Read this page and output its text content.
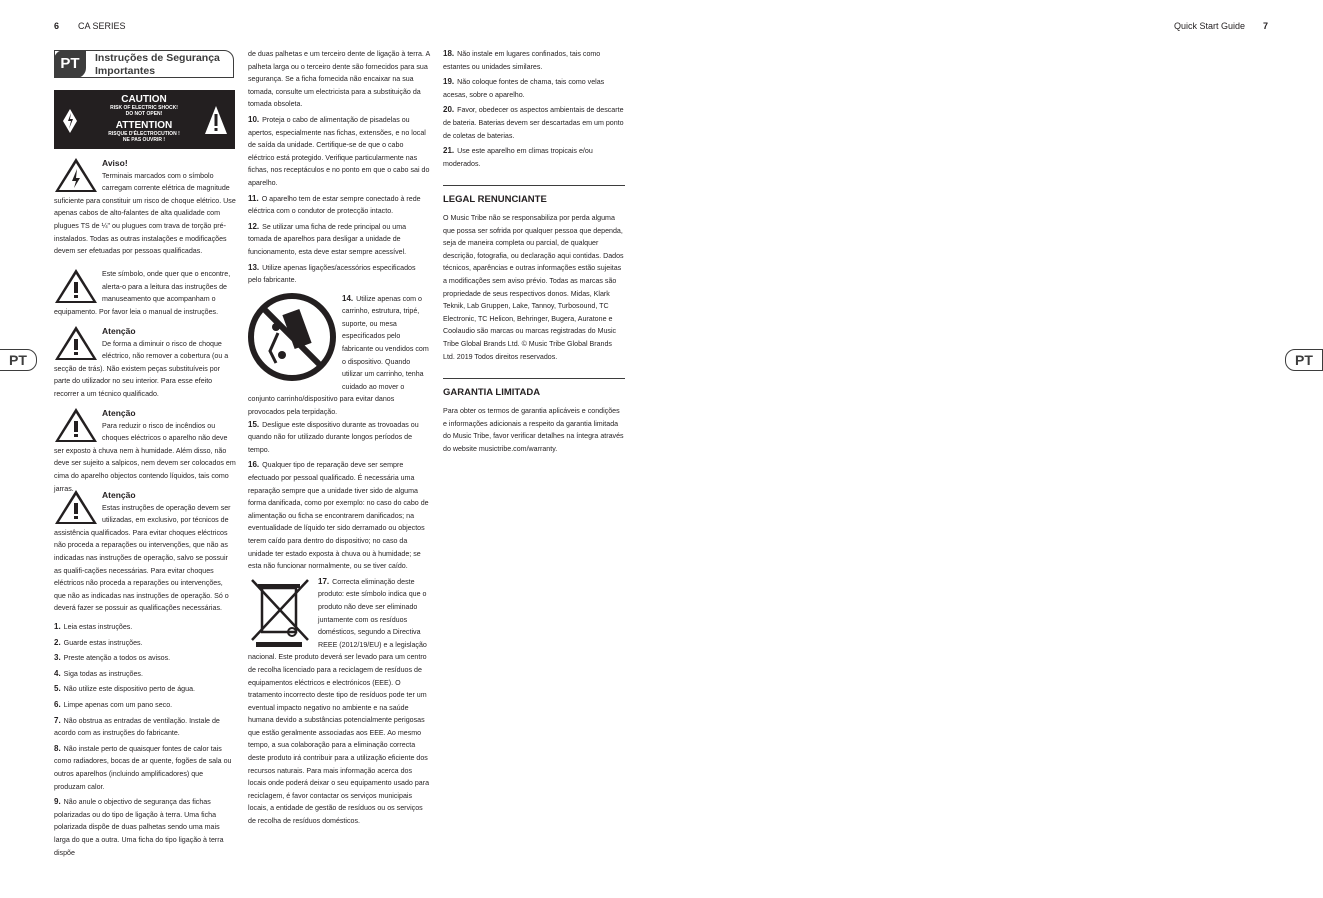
6 CA SERIES	Quick Start Guide 7
PT	PT
PT	Instruções de Segurança Importantes
CAUTION
RISK OF ELECTRIC SHOCK!
DO NOT OPEN!
ATTENTION
RISQUE D'ÉLECTROCUTION !
NE PAS OUVRIR !
Aviso!
Terminais marcados com o símbolo carregam corrente elétrica de magnitude suficiente para constituir um risco de choque elétrico. Use apenas cabos de alto-falantes de alta qualidade com plugues TS de ¼" ou plugues com trava de torção pré-instalados. Todas as outras instalações e modificações devem ser efetuadas por pessoas qualificadas.
Este símbolo, onde quer que o encontre, alerta-o para a leitura das instruções de manuseamento que acompanham o equipamento. Por favor leia o manual de instruções.
Atenção
De forma a diminuir o risco de choque eléctrico, não remover a cobertura (ou a secção de trás). Não existem peças substituíveis por parte do utilizador no seu interior. Para esse efeito recorrer a um técnico qualificado.
Atenção
Para reduzir o risco de incêndios ou choques eléctricos o aparelho não deve ser exposto à chuva nem à humidade. Além disso, não deve ser sujeito a salpicos, nem devem ser colocados em cima do aparelho objectos contendo líquidos, tais como jarras.
Atenção
Estas instruções de operação devem ser utilizadas, em exclusivo, por técnicos de assistência qualificados. Para evitar choques eléctricos não proceda a reparações ou intervenções, que não as indicadas nas instruções de operação, salvo se possuir as qualifi-cações necessárias. Para evitar choques eléctricos não proceda a reparações ou intervenções, que não as indicadas nas instruções de operação. Só o deverá fazer se possuir as qualificações necessárias.

1. Leia estas instruções.

2. Guarde estas instruções.

3. Preste atenção a todos os avisos.

4. Siga todas as instruções.

5. Não utilize este dispositivo perto de água.

6. Limpe apenas com um pano seco.

7. Não obstrua as entradas de ventilação. Instale de acordo com as instruções do fabricante.

8. Não instale perto de quaisquer fontes de calor tais como radiadores, bocas de ar quente, fogões de sala ou outros aparelhos (incluindo amplificadores) que produzam calor.

9. Não anule o objectivo de segurança das fichas polarizadas ou do tipo de ligação à terra. Uma ficha polarizada dispõe de duas palhetas sendo uma mais larga do que a outra. Uma ficha do tipo ligação à terra dispõe

de duas palhetas e um terceiro dente de ligação à terra. A palheta larga ou o terceiro dente são fornecidos para sua segurança. Se a ficha fornecida não encaixar na sua tomada, consulte um electricista para a substituição da tomada obsoleta.

10. Proteja o cabo de alimentação de pisadelas ou apertos, especialmente nas fichas, extensões, e no local de saída da unidade. Certifique-se de que o cabo eléctrico está protegido. Verifique particularmente nas fichas, nos receptáculos e no ponto em que o cabo sai do aparelho.

11. O aparelho tem de estar sempre conectado à rede eléctrica com o condutor de protecção intacto.

12. Se utilizar uma ficha de rede principal ou uma tomada de aparelhos para desligar a unidade de funcionamento, esta deve estar sempre acessível.

13. Utilize apenas ligações/acessórios especificados pelo fabricante.

14. Utilize apenas com o carrinho, estrutura, tripé, suporte, ou mesa especificados pelo fabricante ou vendidos com o dispositivo. Quando utilizar um carrinho, tenha cuidado ao mover o conjunto carrinho/dispositivo para evitar danos provocados pela terpidação.

15. Desligue este dispositivo durante as trovoadas ou quando não for utilizado durante longos períodos de tempo.

16. Qualquer tipo de reparação deve ser sempre efectuado por pessoal qualificado. É necessária uma reparação sempre que a unidade tiver sido de alguma forma danificada, como por exemplo: no caso do cabo de alimentação ou ficha se encontrarem danificados; na eventualidade de líquido ter sido derramado ou objectos terem caído para dentro do dispositivo; no caso da unidade ter estado exposta à chuva ou à humidade; se esta não funcionar normalmente, ou se tiver caído.

17. Correcta eliminação deste produto: este símbolo indica que o produto não deve ser eliminado juntamente com os resíduos domésticos, segundo a Directiva REEE (2012/19/EU) e a legislação nacional. Este produto deverá ser levado para um centro de recolha licenciado para a reciclagem de resíduos de equipamentos eléctricos e electrónicos (EEE). O tratamento incorrecto deste tipo de resíduos pode ter um eventual impacto negativo no ambiente e na saúde humana devido a substâncias potencialmente perigosas que estão geralmente associadas aos EEE. Ao mesmo tempo, a sua colaboração para a eliminação correcta deste produto irá contribuir para a utilização eficiente dos recursos naturais. Para mais informação acerca dos locais onde poderá deixar o seu equipamento usado para reciclagem, é favor contactar os serviços municipais locais, a entidade de gestão de resíduos ou os serviços de recolha de resíduos domésticos.

18. Não instale em lugares confinados, tais como estantes ou unidades similares.

19. Não coloque fontes de chama, tais como velas acesas, sobre o aparelho.

20. Favor, obedecer os aspectos ambientais de descarte de bateria. Baterias devem ser descartadas em um ponto de coletas de baterias.

21. Use este aparelho em climas tropicais e/ou moderados.

LEGAL RENUNCIANTE
O Music Tribe não se responsabiliza por perda alguma que possa ser sofrida por qualquer pessoa que dependa, seja de maneira completa ou parcial, de qualquer descrição, fotografia, ou declaração aqui contidas. Dados técnicos, aparências e outras informações estão sujeitas a modificações sem aviso prévio. Todas as marcas são propriedade de seus respectivos donos. Midas, Klark Teknik, Lab Gruppen, Lake, Tannoy, Turbosound, TC Electronic, TC Helicon, Behringer, Bugera, Auratone e Coolaudio são marcas ou marcas registradas do Music Tribe Global Brands Ltd. © Music Tribe Global Brands Ltd. 2019 Todos direitos reservados.
GARANTIA LIMITADA
Para obter os termos de garantia aplicáveis e condições e informações adicionais a respeito da garantia limitada do Music Tribe, favor verificar detalhes na íntegra através do website musictribe.com/warranty.
